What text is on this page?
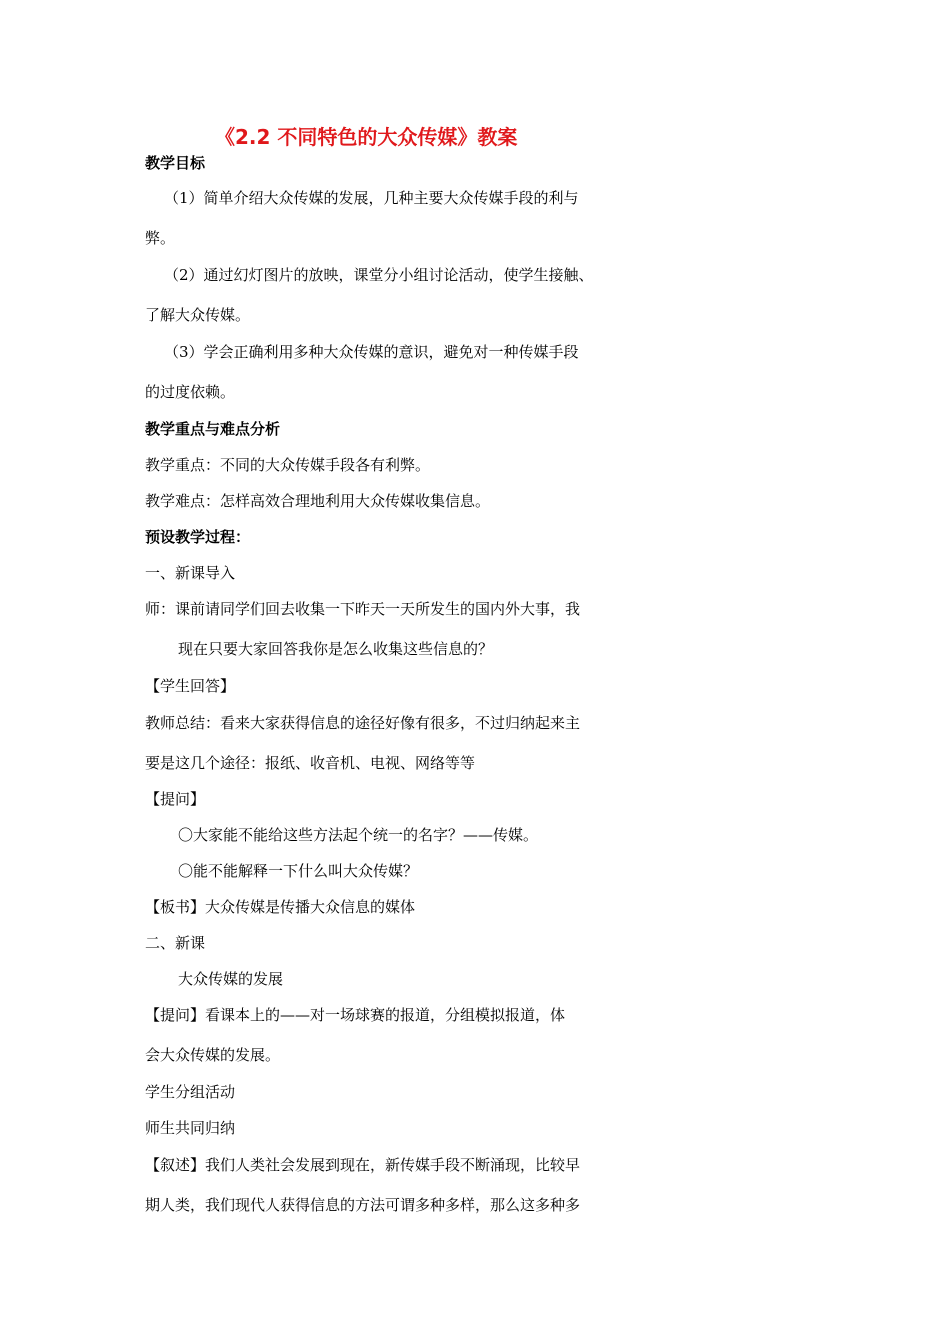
《2.2 不同特色的大众传媒》教案
教学目标
（1）简单介绍大众传媒的发展，几种主要大众传媒手段的利与
弊。
（2）通过幻灯图片的放映，课堂分小组讨论活动，使学生接触、
了解大众传媒。
（3）学会正确利用多种大众传媒的意识，避免对一种传媒手段
的过度依赖。
教学重点与难点分析
教学重点：不同的大众传媒手段各有利弊。
教学难点：怎样高效合理地利用大众传媒收集信息。
预设教学过程：
一、新课导入
师：课前请同学们回去收集一下昨天一天所发生的国内外大事，我
现在只要大家回答我你是怎么收集这些信息的？
【学生回答】
教师总结：看来大家获得信息的途径好像有很多，不过归纳起来主
要是这几个途径：报纸、收音机、电视、网络等等
【提问】
〇大家能不能给这些方法起个统一的名字？——传媒。
〇能不能解释一下什么叫大众传媒？
【板书】大众传媒是传播大众信息的媒体
二、新课
大众传媒的发展
【提问】看课本上的——对一场球赛的报道，分组模拟报道，体
会大众传媒的发展。
学生分组活动
师生共同归纳
【叙述】我们人类社会发展到现在，新传媒手段不断涌现，比较早
期人类，我们现代人获得信息的方法可谓多种多样，那么这多种多
